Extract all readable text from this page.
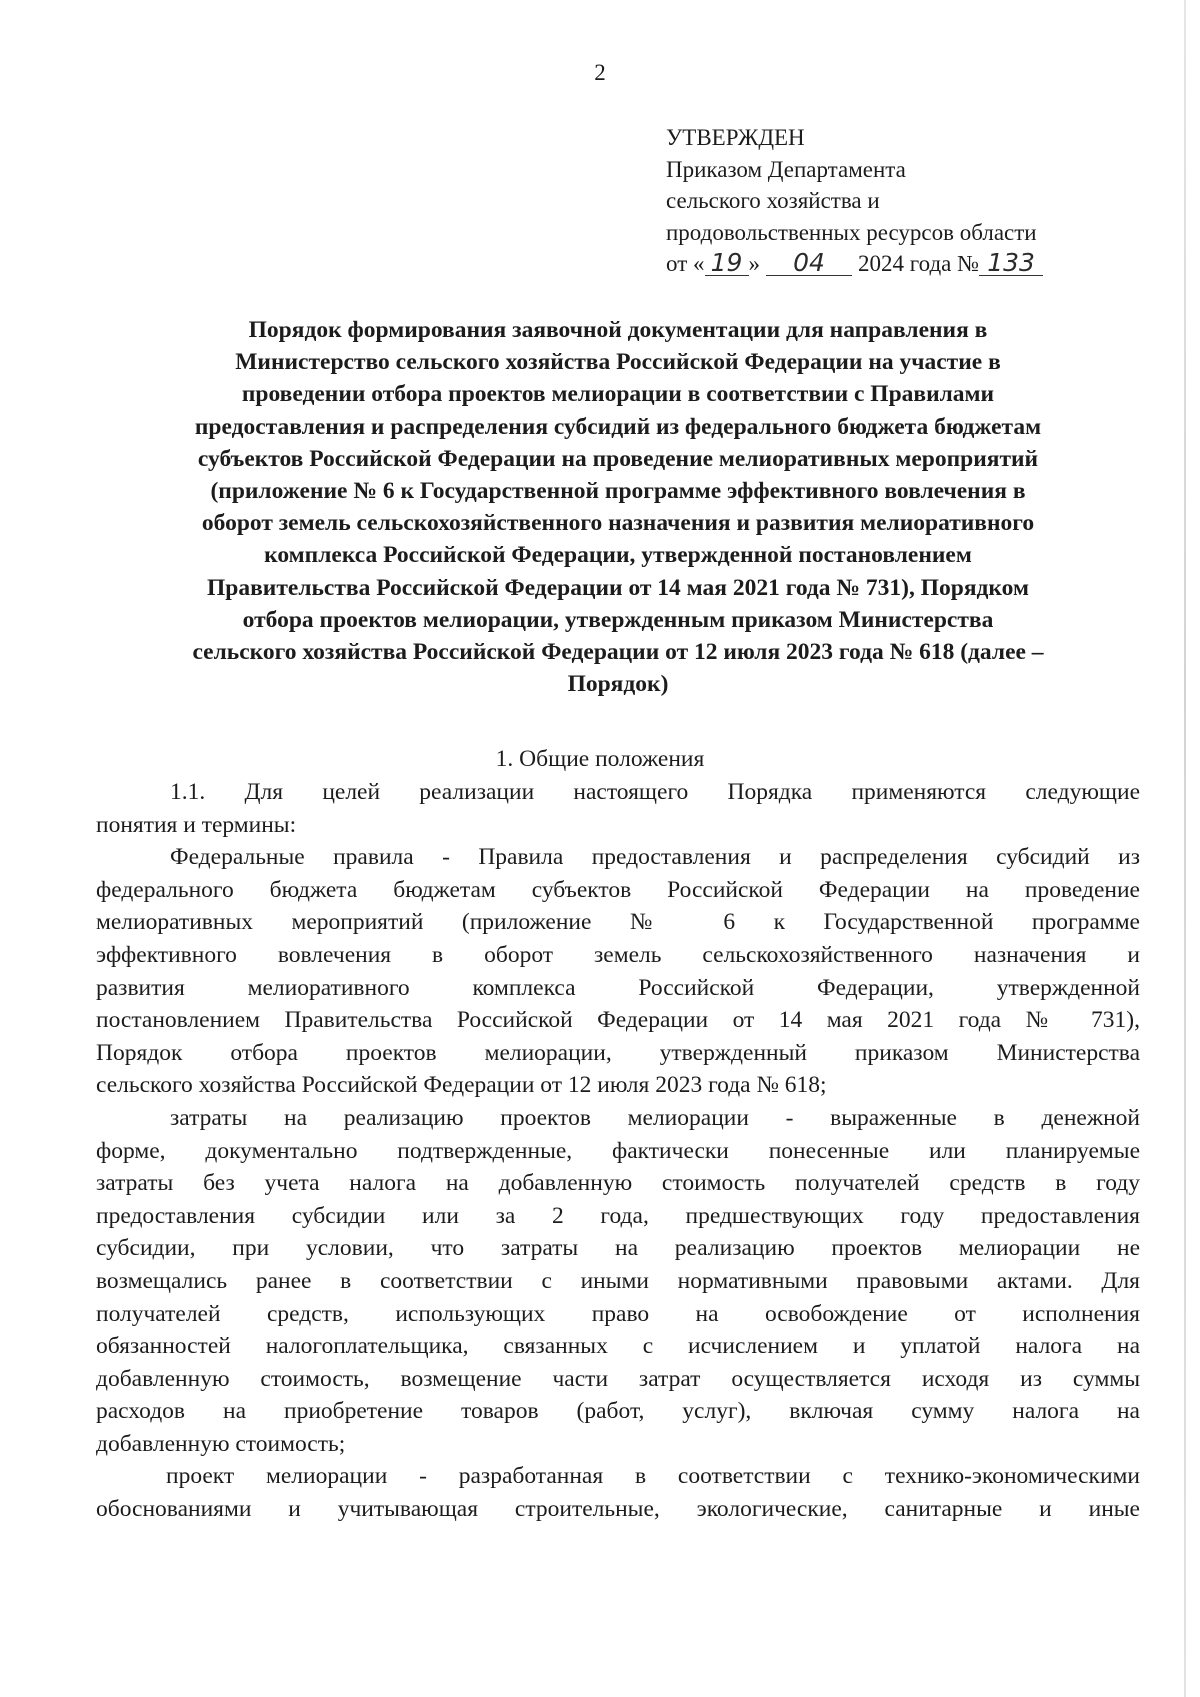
2
УТВЕРЖДЕН
Приказом Департамента
сельского хозяйства и
продовольственных ресурсов области
от « 19 » 04 2024 года № 133
Порядок формирования заявочной документации для направления в
Министерство сельского хозяйства Российской Федерации на участие в
проведении отбора проектов мелиорации в соответствии с Правилами
предоставления и распределения субсидий из федерального бюджета бюджетам
субъектов Российской Федерации на проведение мелиоративных мероприятий
(приложение № 6 к Государственной программе эффективного вовлечения в
оборот земель сельскохозяйственного назначения и развития мелиоративного
комплекса Российской Федерации, утвержденной постановлением
Правительства Российской Федерации от 14 мая 2021 года № 731), Порядком
отбора проектов мелиорации, утвержденным приказом Министерства
сельского хозяйства Российской Федерации от 12 июля 2023 года № 618 (далее –
Порядок)
1. Общие положения

1.1. Для целей реализации настоящего Порядка применяются следующие
понятия и термины:

Федеральные правила - Правила предоставления и распределения субсидий из
федерального бюджета бюджетам субъектов Российской Федерации на проведение
мелиоративных мероприятий (приложение № 6 к Государственной программе
эффективного вовлечения в оборот земель сельскохозяйственного назначения и
развития мелиоративного комплекса Российской Федерации, утвержденной
постановлением Правительства Российской Федерации от 14 мая 2021 года № 731),
Порядок отбора проектов мелиорации, утвержденный приказом Министерства
сельского хозяйства Российской Федерации от 12 июля 2023 года № 618;

затраты на реализацию проектов мелиорации - выраженные в денежной
форме, документально подтвержденные, фактически понесенные или планируемые
затраты без учета налога на добавленную стоимость получателей средств в году
предоставления субсидии или за 2 года, предшествующих году предоставления
субсидии, при условии, что затраты на реализацию проектов мелиорации не
возмещались ранее в соответствии с иными нормативными правовыми актами. Для
получателей средств, использующих право на освобождение от исполнения
обязанностей налогоплательщика, связанных с исчислением и уплатой налога на
добавленную стоимость, возмещение части затрат осуществляется исходя из суммы
расходов на приобретение товаров (работ, услуг), включая сумму налога на
добавленную стоимость;

проект мелиорации - разработанная в соответствии с технико-экономическими
обоснованиями и учитывающая строительные, экологические, санитарные и иные
